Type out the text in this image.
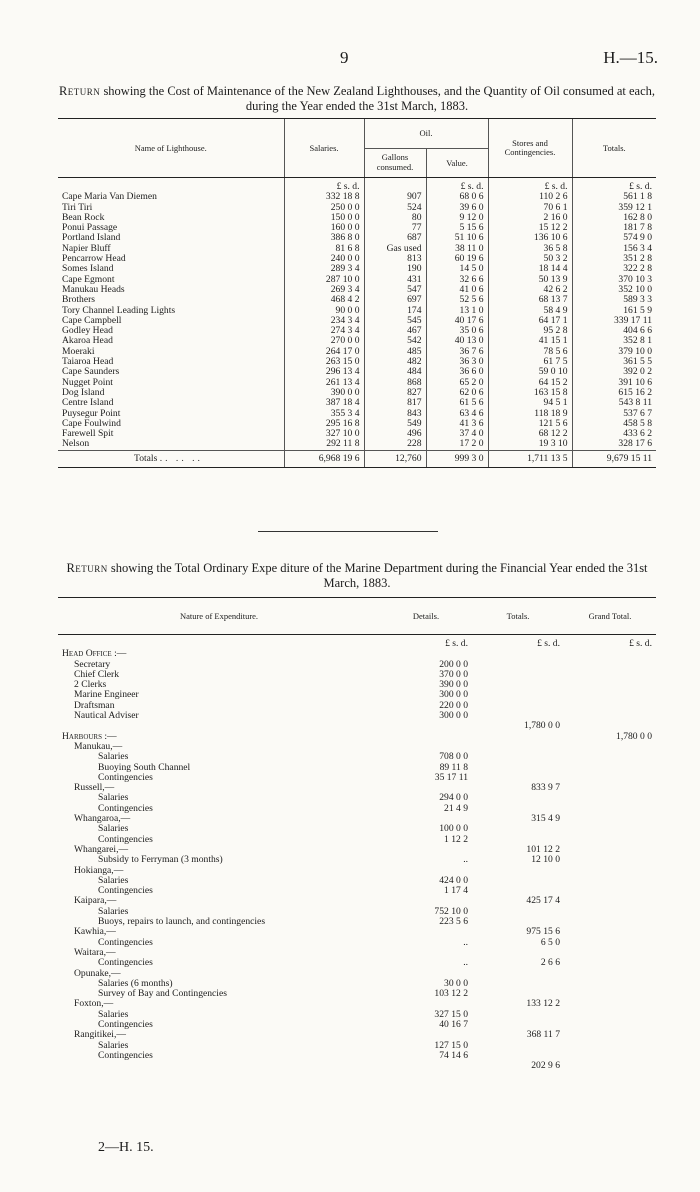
9	H.—15.
Return showing the Cost of Maintenance of the New Zealand Lighthouses, and the Quantity of Oil consumed at each, during the Year ended the 31st March, 1883.
Name of Lighthouse.	Salaries.	Oil.		Stores and Contingencies.	Totals.
		Gallons consumed.	Value.		
	£ s. d.		£ s. d.	£ s. d.	£ s. d.
Cape Maria Van Diemen	332 18 8	907	68 0 6	110 2 6	561 1 8
Tiri Tiri	250 0 0	524	39 6 0	70 6 1	359 12 1
Bean Rock	150 0 0	80	9 12 0	2 16 0	162 8 0
Ponui Passage	160 0 0	77	5 15 6	15 12 2	181 7 8
Portland Island	386 8 0	687	51 10 6	136 10 6	574 9 0
Napier Bluff	81 6 8	Gas used	38 11 0	36 5 8	156 3 4
Pencarrow Head	240 0 0	813	60 19 6	50 3 2	351 2 8
Somes Island	289 3 4	190	14 5 0	18 14 4	322 2 8
Cape Egmont	287 10 0	431	32 6 6	50 13 9	370 10 3
Manukau Heads	269 3 4	547	41 0 6	42 6 2	352 10 0
Brothers	468 4 2	697	52 5 6	68 13 7	589 3 3
Tory Channel Leading Lights	90 0 0	174	13 1 0	58 4 9	161 5 9
Cape Campbell	234 3 4	545	40 17 6	64 17 1	339 17 11
Godley Head	274 3 4	467	35 0 6	95 2 8	404 6 6
Akaroa Head	270 0 0	542	40 13 0	41 15 1	352 8 1
Moeraki	264 17 0	485	36 7 6	78 5 6	379 10 0
Taiaroa Head	263 15 0	482	36 3 0	61 7 5	361 5 5
Cape Saunders	296 13 4	484	36 6 0	59 0 10	392 0 2
Nugget Point	261 13 4	868	65 2 0	64 15 2	391 10 6
Dog Island	390 0 0	827	62 0 6	163 15 8	615 16 2
Centre Island	387 18 4	817	61 5 6	94 5 1	543 8 11
Puysegur Point	355 3 4	843	63 4 6	118 18 9	537 6 7
Cape Foulwind	295 16 8	549	41 3 6	121 5 6	458 5 8
Farewell Spit	327 10 0	496	37 4 0	68 12 2	433 6 2
Nelson	292 11 8	228	17 2 0	19 3 10	328 17 6
Totals .. .. ..	6,968 19 6	12,760	999 3 0	1,711 13 5	9,679 15 11
Return showing the Total Ordinary Expe diture of the Marine Department during the Financial Year ended the 31st March, 1883.
Nature of Expenditure.	Details.	Totals.	Grand Total.
	£ s. d.	£ s. d.	£ s. d.
Head Office :—			
Secretary	200 0 0		
Chief Clerk	370 0 0		
2 Clerks	390 0 0		
Marine Engineer	300 0 0		
Draftsman	220 0 0		
Nautical Adviser	300 0 0		
		1,780 0 0	
Harbours :—			1,780 0 0
Manukau,—			
Salaries	708 0 0		
Buoying South Channel	89 11 8		
Contingencies	35 17 11		
Russell,—		833 9 7	
Salaries	294 0 0		
Contingencies	21 4 9		
Whangaroa,—		315 4 9	
Salaries	100 0 0		
Contingencies	1 12 2		
Whangarei,—		101 12 2	
Subsidy to Ferryman (3 months)	..	12 10 0	
Hokianga,—			
Salaries	424 0 0		
Contingencies	1 17 4		
Kaipara,—		425 17 4	
Salaries	752 10 0		
Buoys, repairs to launch, and contingencies	223 5 6		
Kawhia,—		975 15 6	
Contingencies	..	6 5 0	
Waitara,—			
Contingencies	..	2 6 6	
Opunake,—			
Salaries (6 months)	30 0 0		
Survey of Bay and Contingencies	103 12 2		
Foxton,—		133 12 2	
Salaries	327 15 0		
Contingencies	40 16 7		
Rangitikei,—		368 11 7	
Salaries	127 15 0		
Contingencies	74 14 6		
		202 9 6	
2—H. 15.
